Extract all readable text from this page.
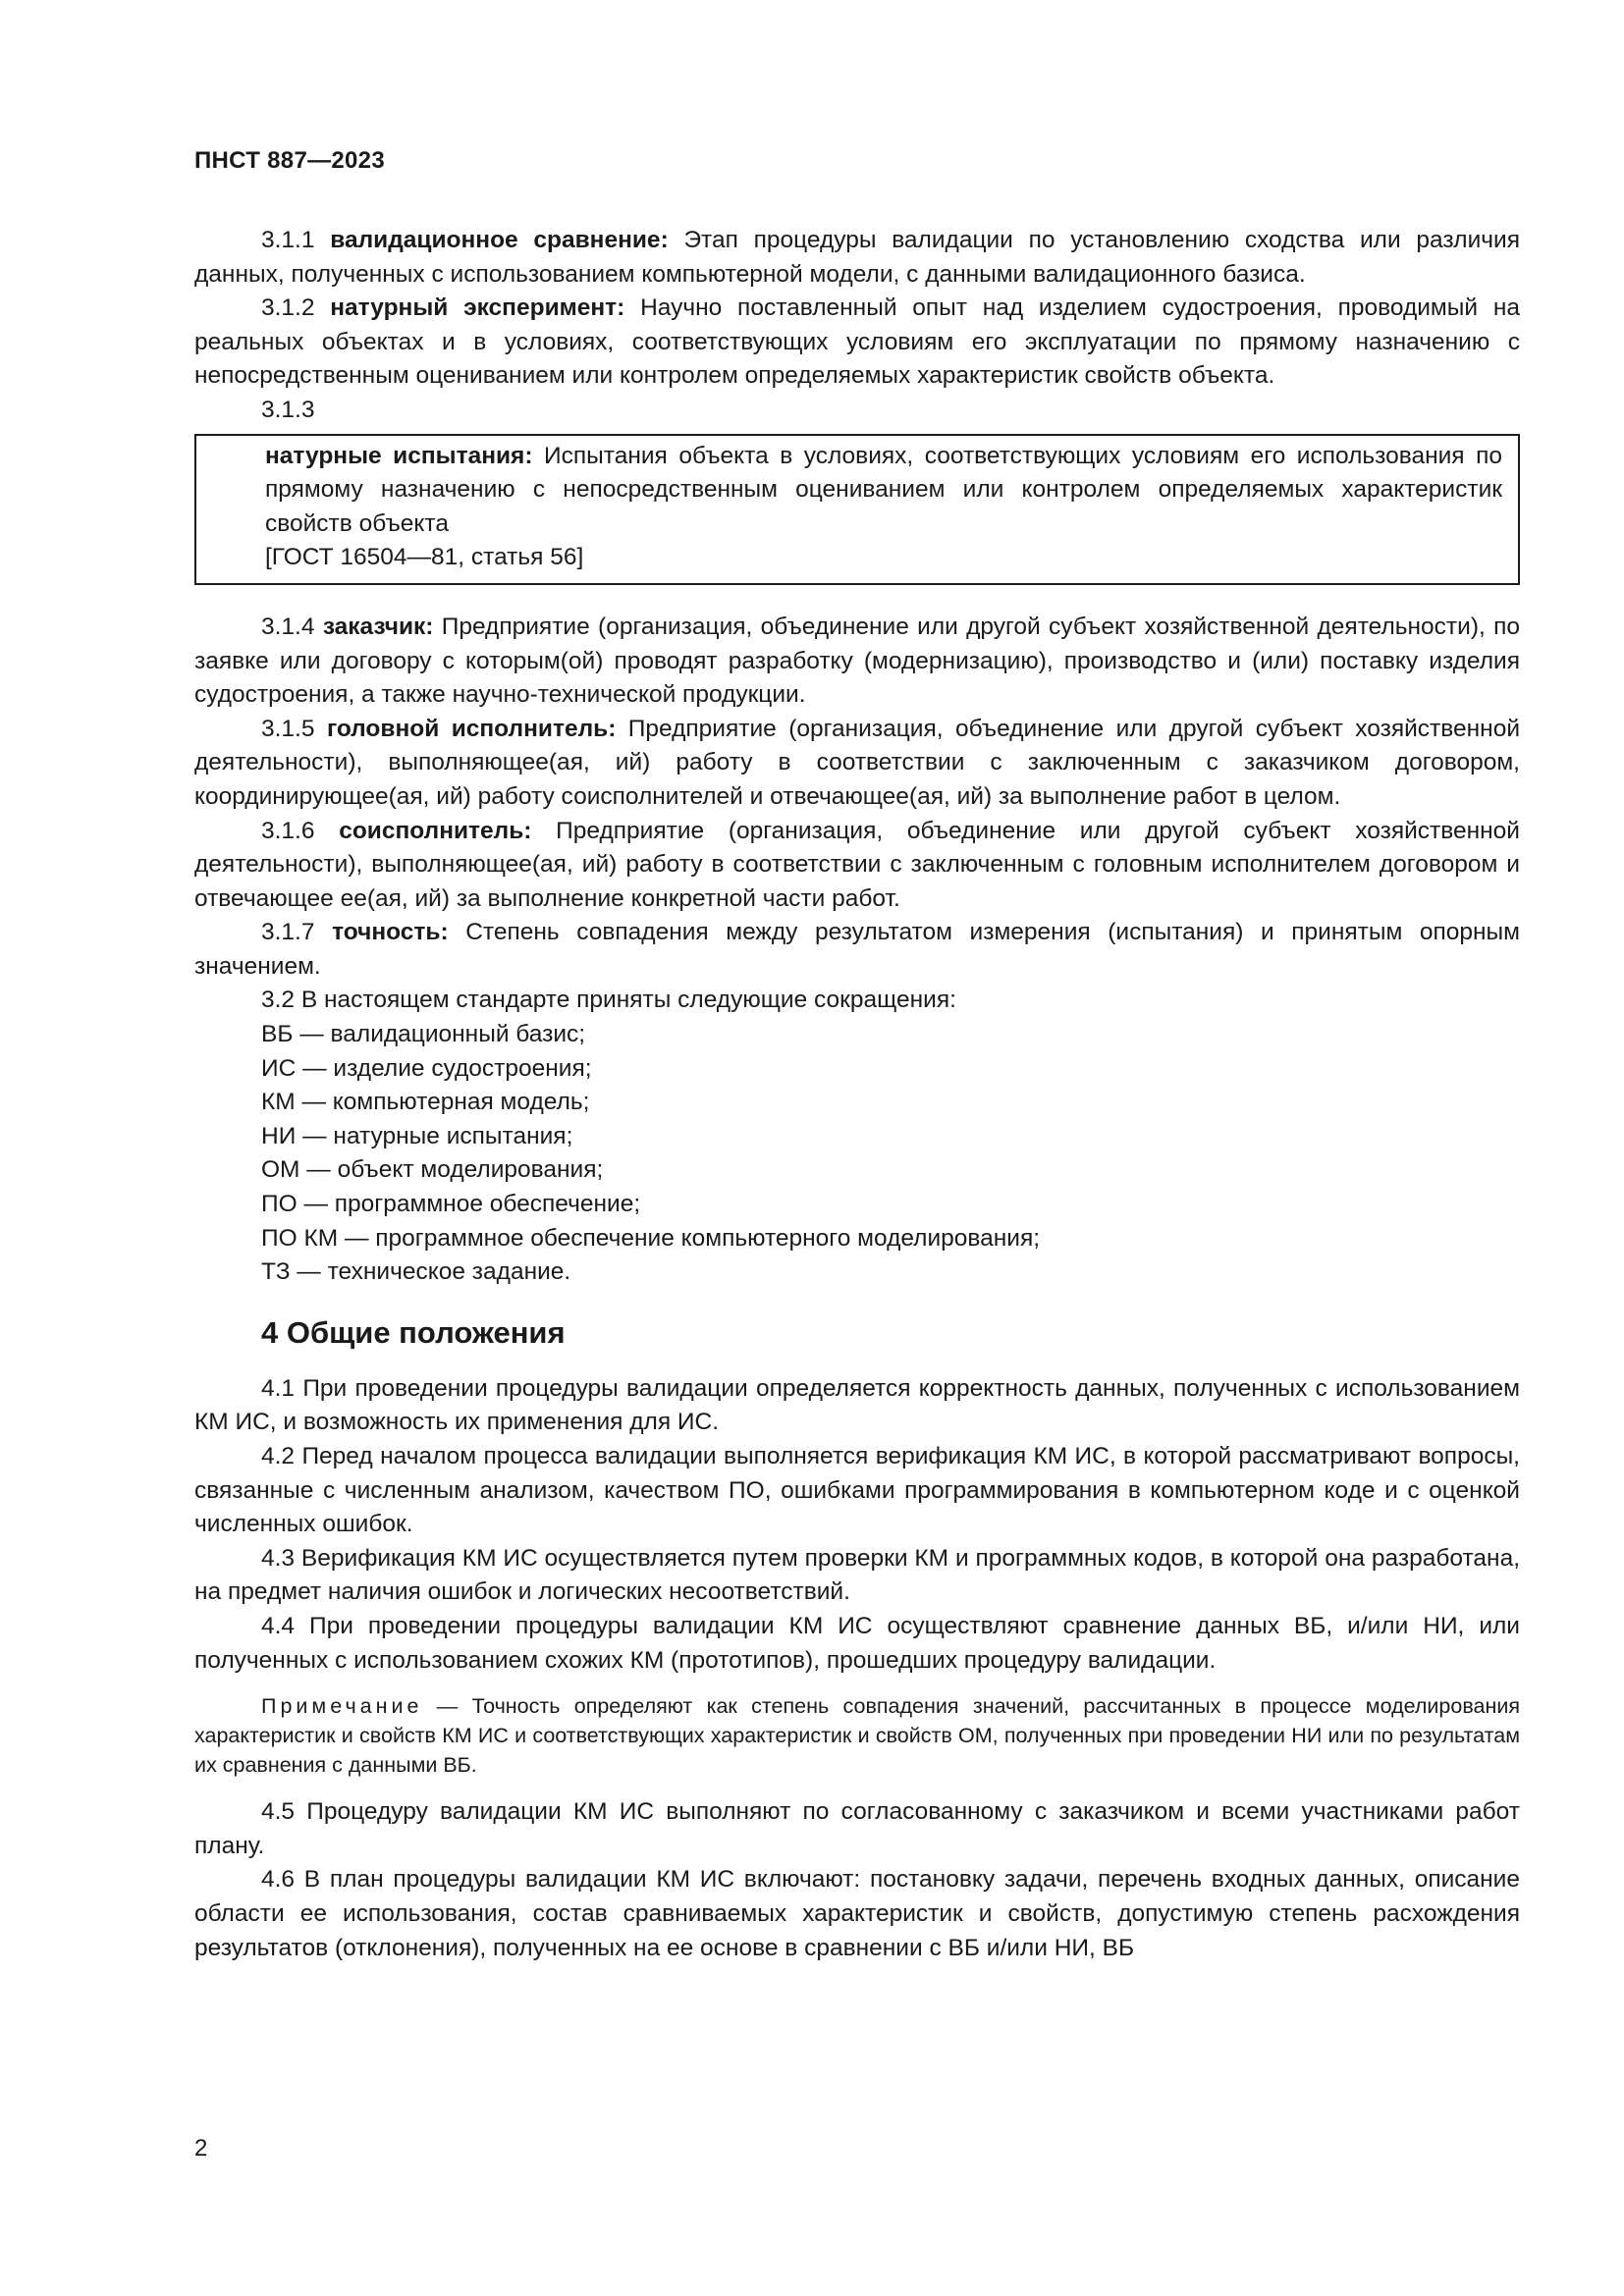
ПНСТ 887—2023

3.1.1 валидационное сравнение: Этап процедуры валидации по установлению сходства или различия данных, полученных с использованием компьютерной модели, с данными валидационного базиса.

3.1.2 натурный эксперимент: Научно поставленный опыт над изделием судостроения, проводимый на реальных объектах и в условиях, соответствующих условиям его эксплуатации по прямому назначению с непосредственным оцениванием или контролем определяемых характеристик свойств объекта.

3.1.3

натурные испытания: Испытания объекта в условиях, соответствующих условиям его использования по прямому назначению с непосредственным оцениванием или контролем определяемых характеристик свойств объекта

[ГОСТ 16504—81, статья 56]

3.1.4 заказчик: Предприятие (организация, объединение или другой субъект хозяйственной деятельности), по заявке или договору с которым(ой) проводят разработку (модернизацию), производство и (или) поставку изделия судостроения, а также научно-технической продукции.

3.1.5 головной исполнитель: Предприятие (организация, объединение или другой субъект хозяйственной деятельности), выполняющее(ая, ий) работу в соответствии с заключенным с заказчиком договором, координирующее(ая, ий) работу соисполнителей и отвечающее(ая, ий) за выполнение работ в целом.

3.1.6 соисполнитель: Предприятие (организация, объединение или другой субъект хозяйственной деятельности), выполняющее(ая, ий) работу в соответствии с заключенным с головным исполнителем договором и отвечающее ее(ая, ий) за выполнение конкретной части работ.

3.1.7 точность: Степень совпадения между результатом измерения (испытания) и принятым опорным значением.

3.2 В настоящем стандарте приняты следующие сокращения:

ВБ — валидационный базис;

ИС — изделие судостроения;

КМ — компьютерная модель;

НИ — натурные испытания;

ОМ — объект моделирования;

ПО — программное обеспечение;

ПО КМ — программное обеспечение компьютерного моделирования;

ТЗ — техническое задание.

4 Общие положения

4.1 При проведении процедуры валидации определяется корректность данных, полученных с использованием КМ ИС, и возможность их применения для ИС.

4.2 Перед началом процесса валидации выполняется верификация КМ ИС, в которой рассматривают вопросы, связанные с численным анализом, качеством ПО, ошибками программирования в компьютерном коде и с оценкой численных ошибок.

4.3 Верификация КМ ИС осуществляется путем проверки КМ и программных кодов, в которой она разработана, на предмет наличия ошибок и логических несоответствий.

4.4 При проведении процедуры валидации КМ ИС осуществляют сравнение данных ВБ, и/или НИ, или полученных с использованием схожих КМ (прототипов), прошедших процедуру валидации.

Примечание — Точность определяют как степень совпадения значений, рассчитанных в процессе моделирования характеристик и свойств КМ ИС и соответствующих характеристик и свойств ОМ, полученных при проведении НИ или по результатам их сравнения с данными ВБ.

4.5 Процедуру валидации КМ ИС выполняют по согласованному с заказчиком и всеми участниками работ плану.

4.6 В план процедуры валидации КМ ИС включают: постановку задачи, перечень входных данных, описание области ее использования, состав сравниваемых характеристик и свойств, допустимую степень расхождения результатов (отклонения), полученных на ее основе в сравнении с ВБ и/или НИ, ВБ

2
